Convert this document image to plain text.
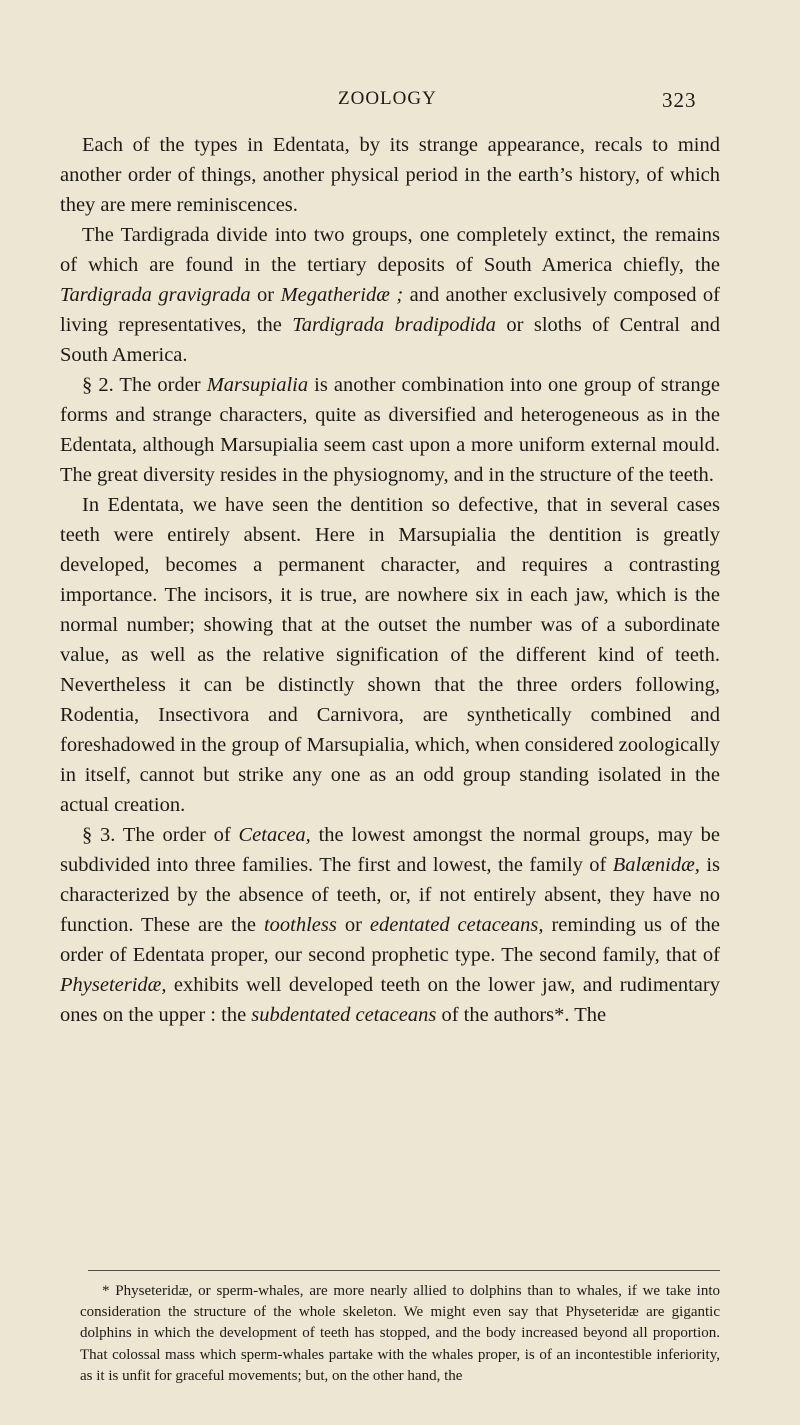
ZOOLOGY	323

Each of the types in Edentata, by its strange appearance, recals to mind another order of things, another physical period in the earth’s history, of which they are mere reminiscences.

The Tardigrada divide into two groups, one completely extinct, the remains of which are found in the tertiary deposits of South America chiefly, the Tardigrada gravigrada or Megatheridæ ; and another exclusively composed of living representatives, the Tardigrada bradipodida or sloths of Central and South America.

§ 2. The order Marsupialia is another combination into one group of strange forms and strange characters, quite as diversified and heterogeneous as in the Edentata, although Marsupialia seem cast upon a more uniform external mould. The great diversity resides in the physiognomy, and in the structure of the teeth.

In Edentata, we have seen the dentition so defective, that in several cases teeth were entirely absent. Here in Marsupialia the dentition is greatly developed, becomes a permanent character, and requires a contrasting importance. The incisors, it is true, are nowhere six in each jaw, which is the normal number; showing that at the outset the number was of a subordinate value, as well as the relative signification of the different kind of teeth. Nevertheless it can be distinctly shown that the three orders following, Rodentia, Insectivora and Carnivora, are synthetically combined and foreshadowed in the group of Marsupialia, which, when considered zoologically in itself, cannot but strike any one as an odd group standing isolated in the actual creation.

§ 3. The order of Cetacea, the lowest amongst the normal groups, may be subdivided into three families. The first and lowest, the family of Balænidæ, is characterized by the absence of teeth, or, if not entirely absent, they have no function. These are the toothless or edentated cetaceans, reminding us of the order of Edentata proper, our second prophetic type. The second family, that of Physeteridæ, exhibits well developed teeth on the lower jaw, and rudimentary ones on the upper : the subdentated cetaceans of the authors*. The

* Physeteridæ, or sperm-whales, are more nearly allied to dolphins than to whales, if we take into consideration the structure of the whole skeleton. We might even say that Physeteridæ are gigantic dolphins in which the development of teeth has stopped, and the body increased beyond all proportion. That colossal mass which sperm-whales partake with the whales proper, is of an incontestible inferiority, as it is unfit for graceful movements; but, on the other hand, the
